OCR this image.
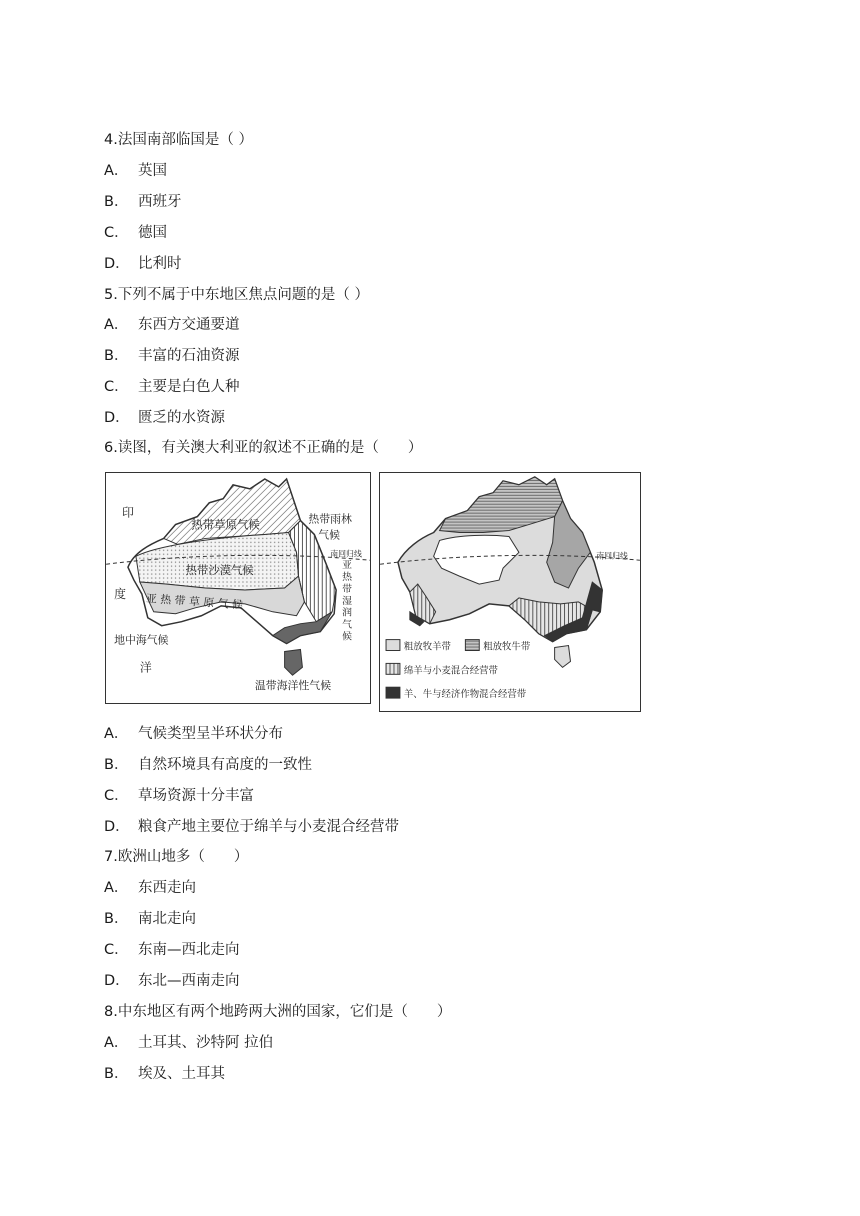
4.法国南部临国是（ ）
A． 英国
B． 西班牙
C． 德国
D． 比利时
5.下列不属于中东地区焦点问题的是（ ）
A． 东西方交通要道
B． 丰富的石油资源
C． 主要是白色人种
D． 匮乏的水资源
6.读图，有关澳大利亚的叙述不正确的是（　　）
印
度
洋
热带草原气候	热带雨林
气候
南回归线
热带沙漠气候
亚 热 带 草 原 气 候
亚
热
带
湿
润
气
候
地中海气候
温带海洋性气候
南回归线
粗放牧羊带	粗放牧牛带
绵羊与小麦混合经营带
羊、牛与经济作物混合经营带
A． 气候类型呈半环状分布
B． 自然环境具有高度的一致性
C． 草场资源十分丰富
D． 粮食产地主要位于绵羊与小麦混合经营带
7.欧洲山地多（　　）
A． 东西走向
B． 南北走向
C． 东南—西北走向
D． 东北—西南走向
8.中东地区有两个地跨两大洲的国家，它们是（　　）
A． 土耳其、沙特阿 拉伯
B． 埃及、土耳其
